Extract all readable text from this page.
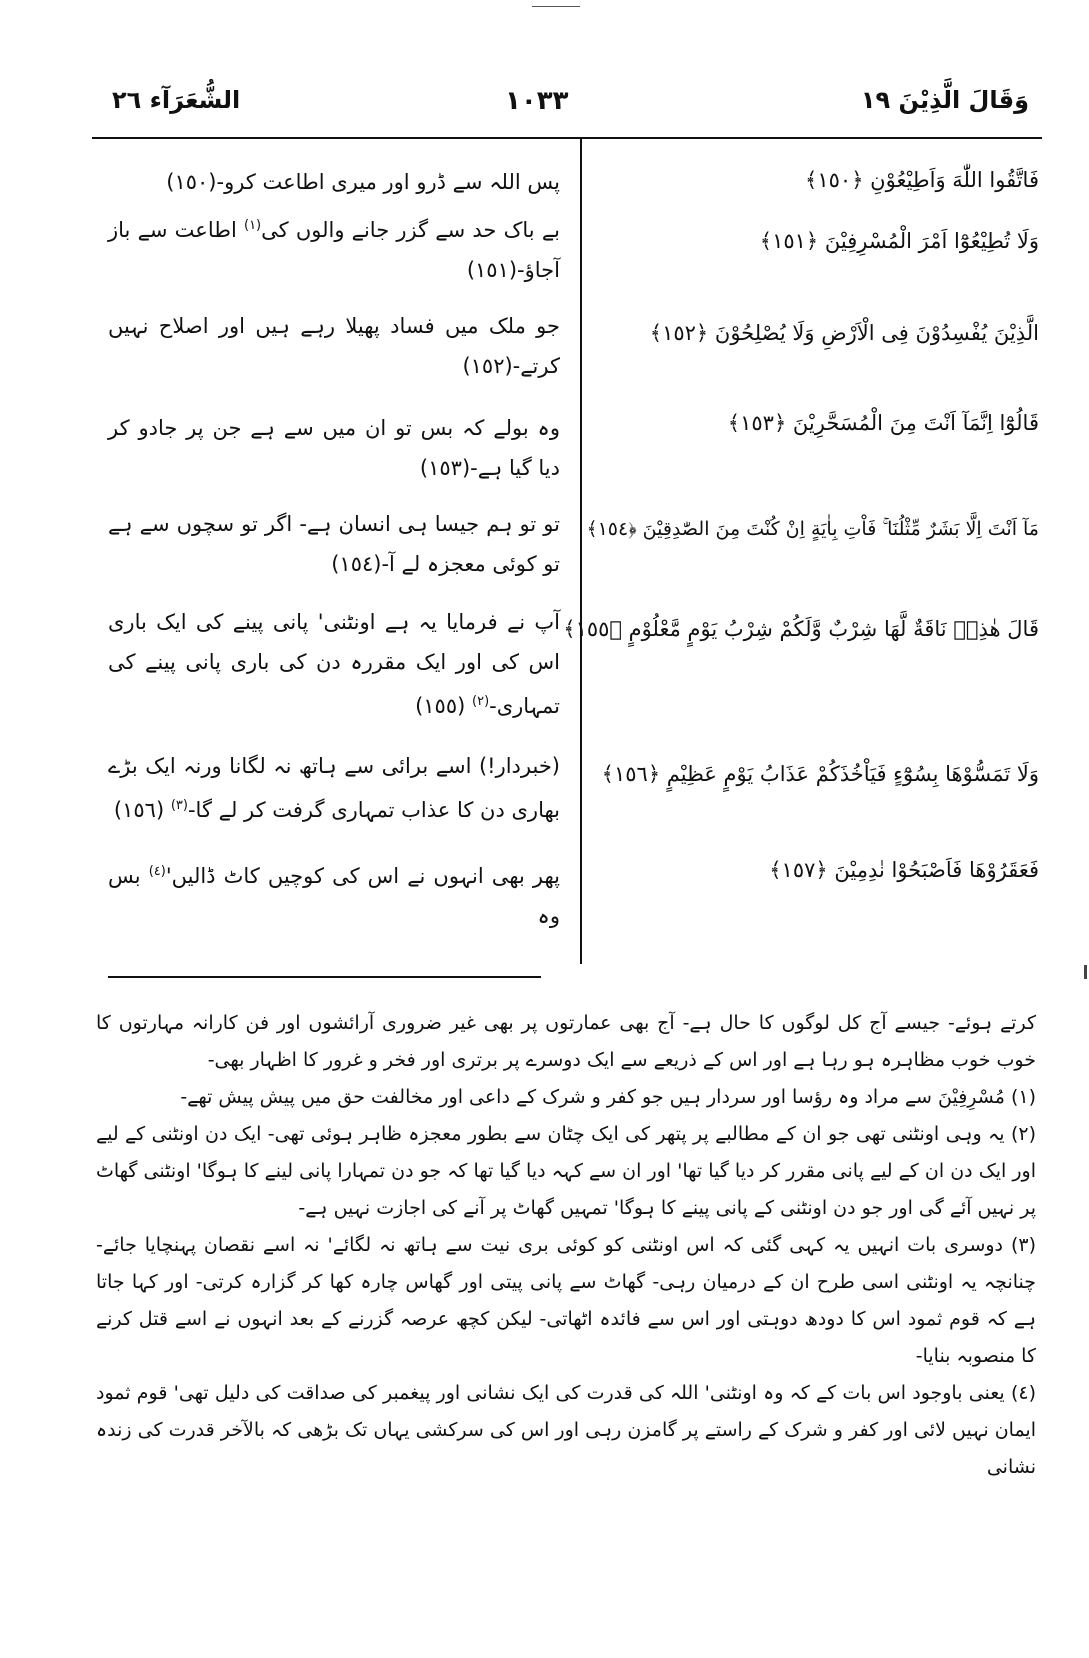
وَقَالَ الَّذِیْنَ ١٩
١٠٣٣
الشُّعَرَآء ٢٦
فَاتَّقُوا اللّٰهَ وَاَطِیْعُوْنِ ﴿١٥٠﴾
وَلَا تُطِیْعُوْٓا اَمْرَ الْمُسْرِفِیْنَ ﴿١٥١﴾
الَّذِیْنَ یُفْسِدُوْنَ فِی الْاَرْضِ وَلَا یُصْلِحُوْنَ ﴿١٥٢﴾
قَالُوْٓا اِنَّمَآ اَنْتَ مِنَ الْمُسَحَّرِیْنَ ﴿١٥٣﴾
مَآ اَنْتَ اِلَّا بَشَرٌ مِّثْلُنَا ۚ فَاْتِ بِاٰیَةٍ اِنْ كُنْتَ مِنَ الصّٰدِقِیْنَ ﴿١٥٤﴾
قَالَ هٰذِهٖ نَاقَةٌ لَّهَا شِرْبٌ وَّلَكُمْ شِرْبُ یَوْمٍ مَّعْلُوْمٍ ﴿١٥٥﴾
وَلَا تَمَسُّوْهَا بِسُوْٓءٍ فَیَاْخُذَكُمْ عَذَابُ یَوْمٍ عَظِیْمٍ ﴿١٥٦﴾
فَعَقَرُوْهَا فَاَصْبَحُوْا نٰدِمِیْنَ ﴿١٥٧﴾
پس اللہ سے ڈرو اور میری اطاعت کرو-(١٥٠)
بے باک حد سے گزر جانے والوں کی$^{(١)}$ اطاعت سے باز آجاؤ-(١٥١)
جو ملک میں فساد پھیلا رہے ہیں اور اصلاح نہیں کرتے-(١٥٢)
وہ بولے کہ بس تو ان میں سے ہے جن پر جادو کر دیا گیا ہے-(١٥٣)
تو تو ہم جیسا ہی انسان ہے- اگر تو سچوں سے ہے تو کوئی معجزہ لے آ-(١٥٤)
آپ نے فرمایا یہ ہے اونٹنی' پانی پینے کی ایک باری اس کی اور ایک مقررہ دن کی باری پانی پینے کی تمہاری-$^{(٢)}$ (١٥٥)
(خبردار!) اسے برائی سے ہاتھ نہ لگانا ورنہ ایک بڑے بھاری دن کا عذاب تمہاری گرفت کر لے گا-$^{(٣)}$ (١٥٦)
پھر بھی انہوں نے اس کی کوچیں کاٹ $ڈالیں'^{(٤)}$ بس وہ

کرتے ہوئے- جیسے آج کل لوگوں کا حال ہے- آج بھی عمارتوں پر بھی غیر ضروری آرائشوں اور فن کارانہ مہارتوں کا خوب خوب مظاہرہ ہو رہا ہے اور اس کے ذریعے سے ایک دوسرے پر برتری اور فخر و غرور کا اظہار بھی-

(١) مُسْرِفِیْنَ سے مراد وہ رؤسا اور سردار ہیں جو کفر و شرک کے داعی اور مخالفت حق میں پیش پیش تھے-

(٢) یہ وہی اونٹنی تھی جو ان کے مطالبے پر پتھر کی ایک چٹان سے بطور معجزہ ظاہر ہوئی تھی- ایک دن اونٹنی کے لیے اور ایک دن ان کے لیے پانی مقرر کر دیا گیا تھا' اور ان سے کہہ دیا گیا تھا کہ جو دن تمہارا پانی لینے کا ہوگا' اونٹنی گھاٹ پر نہیں آئے گی اور جو دن اونٹنی کے پانی پینے کا ہوگا' تمہیں گھاٹ پر آنے کی اجازت نہیں ہے-

(٣) دوسری بات انہیں یہ کہی گئی کہ اس اونٹنی کو کوئی بری نیت سے ہاتھ نہ لگائے' نہ اسے نقصان پہنچایا جائے- چنانچہ یہ اونٹنی اسی طرح ان کے درمیان رہی- گھاٹ سے پانی پیتی اور گھاس چارہ کھا کر گزارہ کرتی- اور کہا جاتا ہے کہ قوم ثمود اس کا دودھ دوہتی اور اس سے فائدہ اٹھاتی- لیکن کچھ عرصہ گزرنے کے بعد انہوں نے اسے قتل کرنے کا منصوبہ بنایا-

(٤) یعنی باوجود اس بات کے کہ وہ اونٹنی' اللہ کی قدرت کی ایک نشانی اور پیغمبر کی صداقت کی دلیل تھی' قوم ثمود ایمان نہیں لائی اور کفر و شرک کے راستے پر گامزن رہی اور اس کی سرکشی یہاں تک بڑھی کہ بالآخر قدرت کی زندہ نشانی
